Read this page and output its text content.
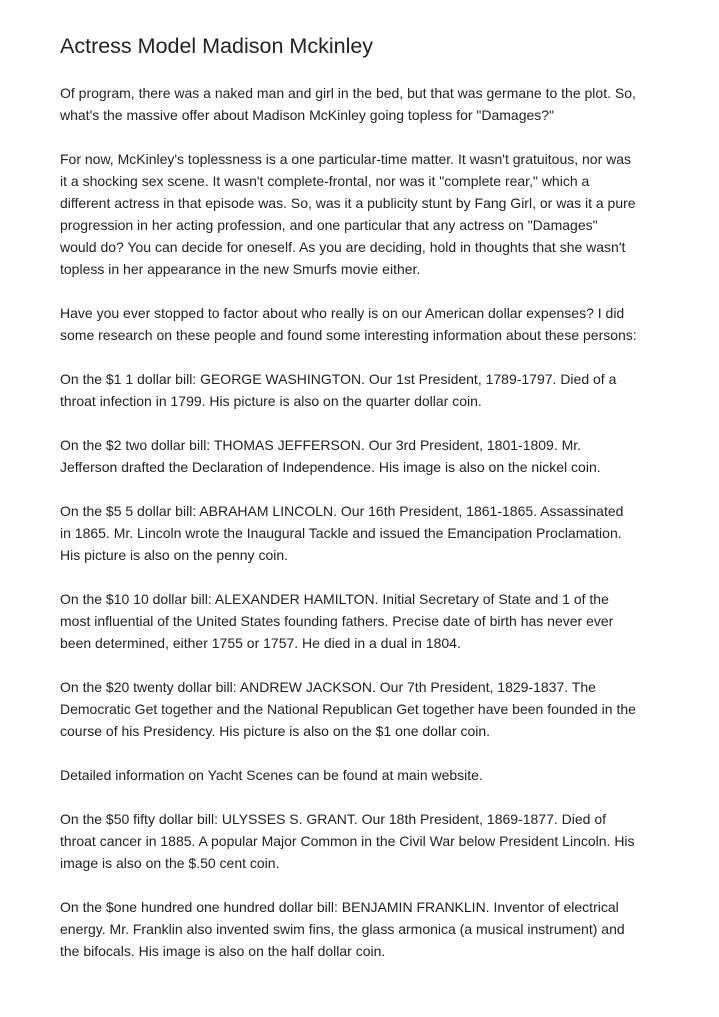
Actress Model Madison Mckinley

Of program, there was a naked man and girl in the bed, but that was germane to the plot. So,
what's the massive offer about Madison McKinley going topless for "Damages?"

For now, McKinley's toplessness is a one particular-time matter. It wasn't gratuitous, nor was
it a shocking sex scene. It wasn't complete-frontal, nor was it "complete rear," which a
different actress in that episode was. So, was it a publicity stunt by Fang Girl, or was it a pure
progression in her acting profession, and one particular that any actress on "Damages"
would do? You can decide for oneself. As you are deciding, hold in thoughts that she wasn't
topless in her appearance in the new Smurfs movie either.

Have you ever stopped to factor about who really is on our American dollar expenses? I did
some research on these people and found some interesting information about these persons:

On the $1 1 dollar bill: GEORGE WASHINGTON. Our 1st President, 1789-1797. Died of a
throat infection in 1799. His picture is also on the quarter dollar coin.

On the $2 two dollar bill: THOMAS JEFFERSON. Our 3rd President, 1801-1809. Mr.
Jefferson drafted the Declaration of Independence. His image is also on the nickel coin.

On the $5 5 dollar bill: ABRAHAM LINCOLN. Our 16th President, 1861-1865. Assassinated
in 1865. Mr. Lincoln wrote the Inaugural Tackle and issued the Emancipation Proclamation.
His picture is also on the penny coin.

On the $10 10 dollar bill: ALEXANDER HAMILTON. Initial Secretary of State and 1 of the
most influential of the United States founding fathers. Precise date of birth has never ever
been determined, either 1755 or 1757. He died in a dual in 1804.

On the $20 twenty dollar bill: ANDREW JACKSON. Our 7th President, 1829-1837. The
Democratic Get together and the National Republican Get together have been founded in the
course of his Presidency. His picture is also on the $1 one dollar coin.

Detailed information on Yacht Scenes can be found at main website.

On the $50 fifty dollar bill: ULYSSES S. GRANT. Our 18th President, 1869-1877. Died of
throat cancer in 1885. A popular Major Common in the Civil War below President Lincoln. His
image is also on the $.50 cent coin.

On the $one hundred one hundred dollar bill: BENJAMIN FRANKLIN. Inventor of electrical
energy. Mr. Franklin also invented swim fins, the glass armonica (a musical instrument) and
the bifocals. His image is also on the half dollar coin.
